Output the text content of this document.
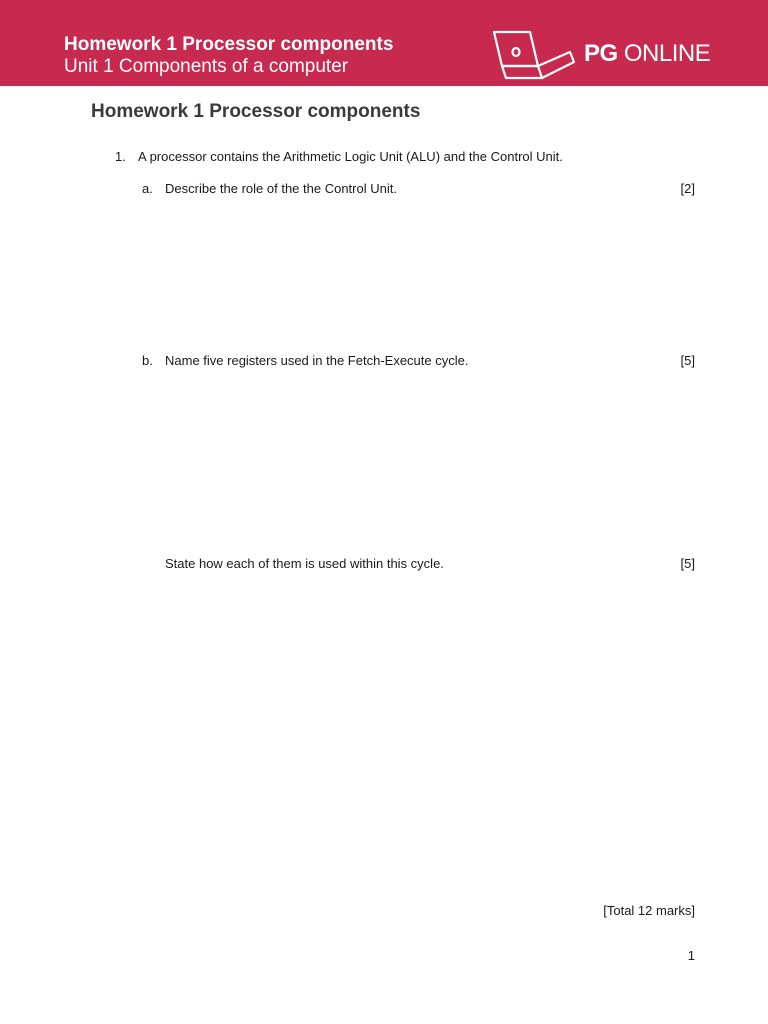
Homework 1 Processor components
Unit 1 Components of a computer	PG ONLINE
Homework 1 Processor components
1. A processor contains the Arithmetic Logic Unit (ALU) and the Control Unit.
a. Describe the role of the the Control Unit.	[2]
b. Name five registers used in the Fetch-Execute cycle.	[5]
State how each of them is used within this cycle.	[5]
[Total 12 marks]
1
